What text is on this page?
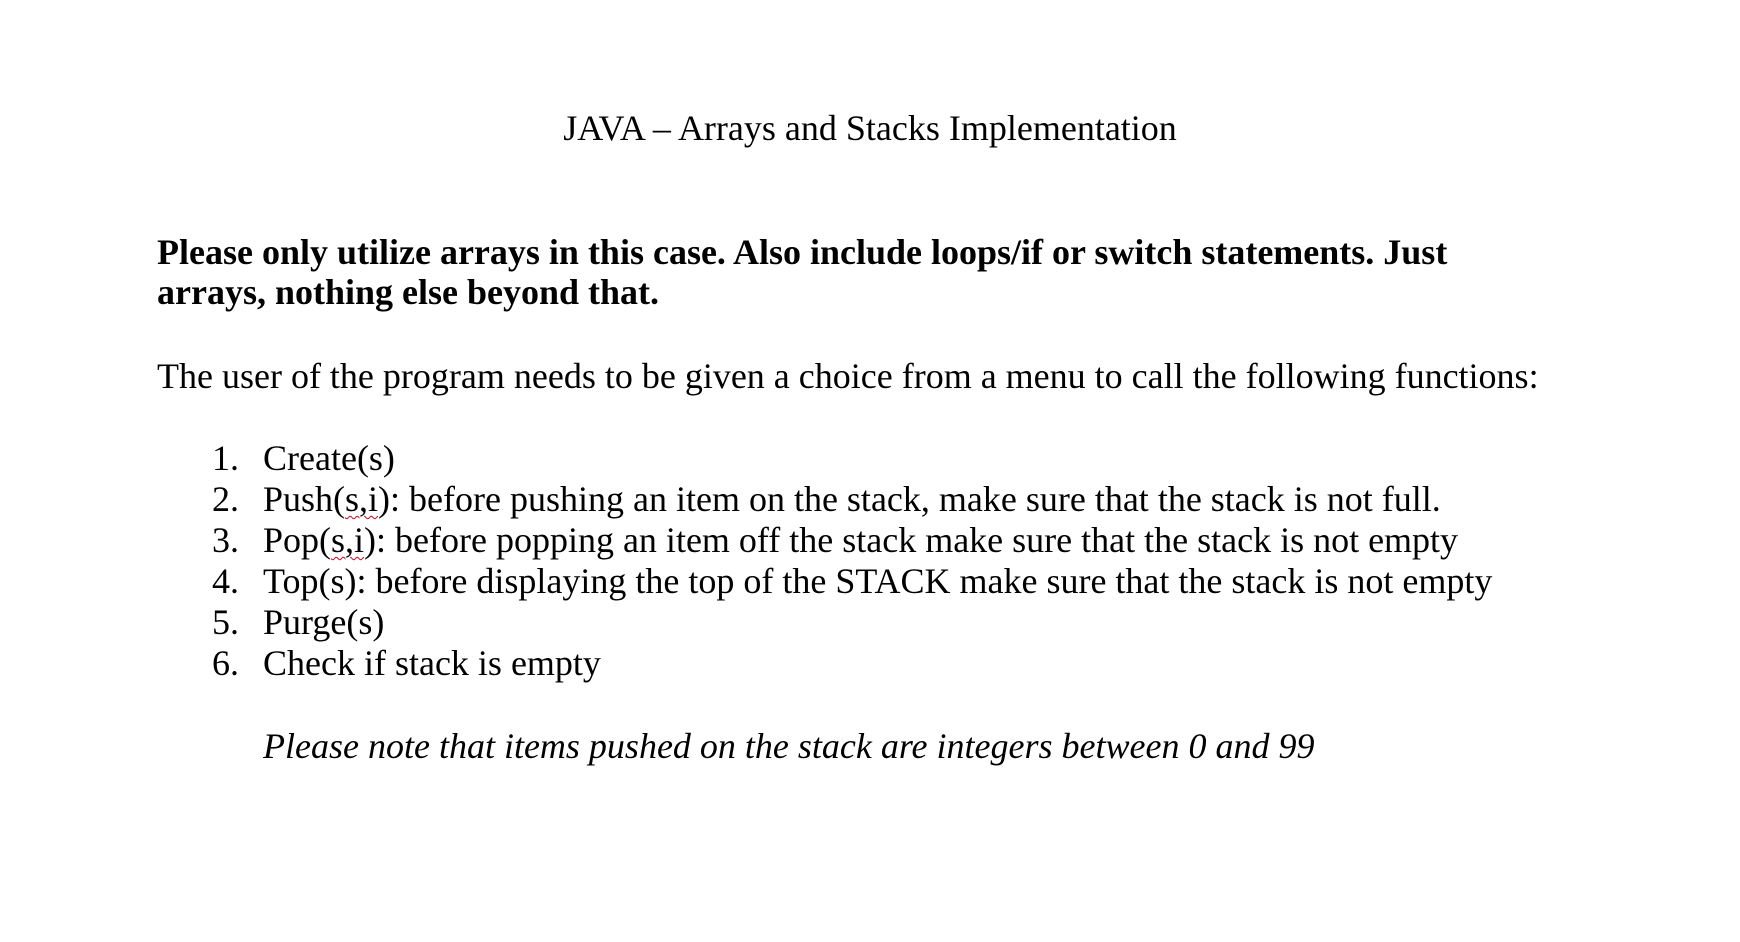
JAVA – Arrays and Stacks Implementation
Please only utilize arrays in this case. Also include loops/if or switch statements. Just arrays, nothing else beyond that.
The user of the program needs to be given a choice from a menu to call the following functions:
1. Create(s)
2. Push(s,i): before pushing an item on the stack, make sure that the stack is not full.
3. Pop(s,i): before popping an item off the stack make sure that the stack is not empty
4. Top(s): before displaying the top of the STACK make sure that the stack is not empty
5. Purge(s)
6. Check if stack is empty
Please note that items pushed on the stack are integers between 0 and 99
